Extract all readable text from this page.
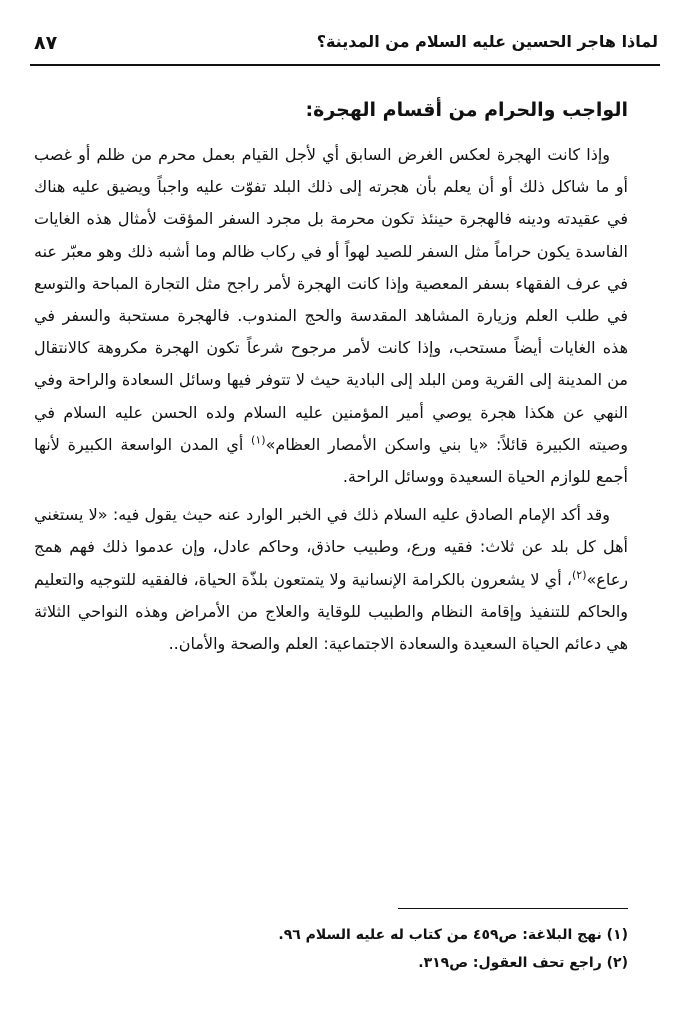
٨٧	لماذا هاجر الحسين عليه السلام من المدينة؟
الواجب والحرام من أقسام الهجرة:

وإذا كانت الهجرة لعكس الغرض السابق أي لأجل القيام بعمل محرم من ظلم أو غصب أو ما شاكل ذلك أو أن يعلم بأن هجرته إلى ذلك البلد تفوّت عليه واجباً ويضيق عليه هناك في عقيدته ودينه فالهجرة حينئذ تكون محرمة بل مجرد السفر المؤقت لأمثال هذه الغايات الفاسدة يكون حراماً مثل السفر للصيد لهواً أو في ركاب ظالم وما أشبه ذلك وهو معبّر عنه في عرف الفقهاء بسفر المعصية وإذا كانت الهجرة لأمر راجح مثل التجارة المباحة والتوسع في طلب العلم وزيارة المشاهد المقدسة والحج المندوب. فالهجرة مستحبة والسفر في هذه الغايات أيضاً مستحب، وإذا كانت لأمر مرجوح شرعاً تكون الهجرة مكروهة كالانتقال من المدينة إلى القرية ومن البلد إلى البادية حيث لا تتوفر فيها وسائل السعادة والراحة وفي النهي عن هكذا هجرة يوصي أمير المؤمنين عليه السلام ولده الحسن عليه السلام في وصيته الكبيرة قائلاً: «يا بني واسكن الأمصار العظام»$^{(١)}$ أي المدن الواسعة الكبيرة لأنها أجمع للوازم الحياة السعيدة ووسائل الراحة.

وقد أكد الإمام الصادق عليه السلام ذلك في الخبر الوارد عنه حيث يقول فيه: «لا يستغني أهل كل بلد عن ثلاث: فقيه ورع، وطبيب حاذق، وحاكم عادل، وإن عدموا ذلك فهم همج رعاع»$^{(٢)}$، أي لا يشعرون بالكرامة الإنسانية ولا يتمتعون بلذّة الحياة، فالفقيه للتوجيه والتعليم والحاكم للتنفيذ وإقامة النظام والطبيب للوقاية والعلاج من الأمراض وهذه النواحي الثلاثة هي دعائم الحياة السعيدة والسعادة الاجتماعية: العلم والصحة والأمان..

(١) نهج البلاغة: ص٤٥٩ من كتاب له عليه السلام ٩٦.
(٢) راجع تحف العقول: ص٣١٩.
